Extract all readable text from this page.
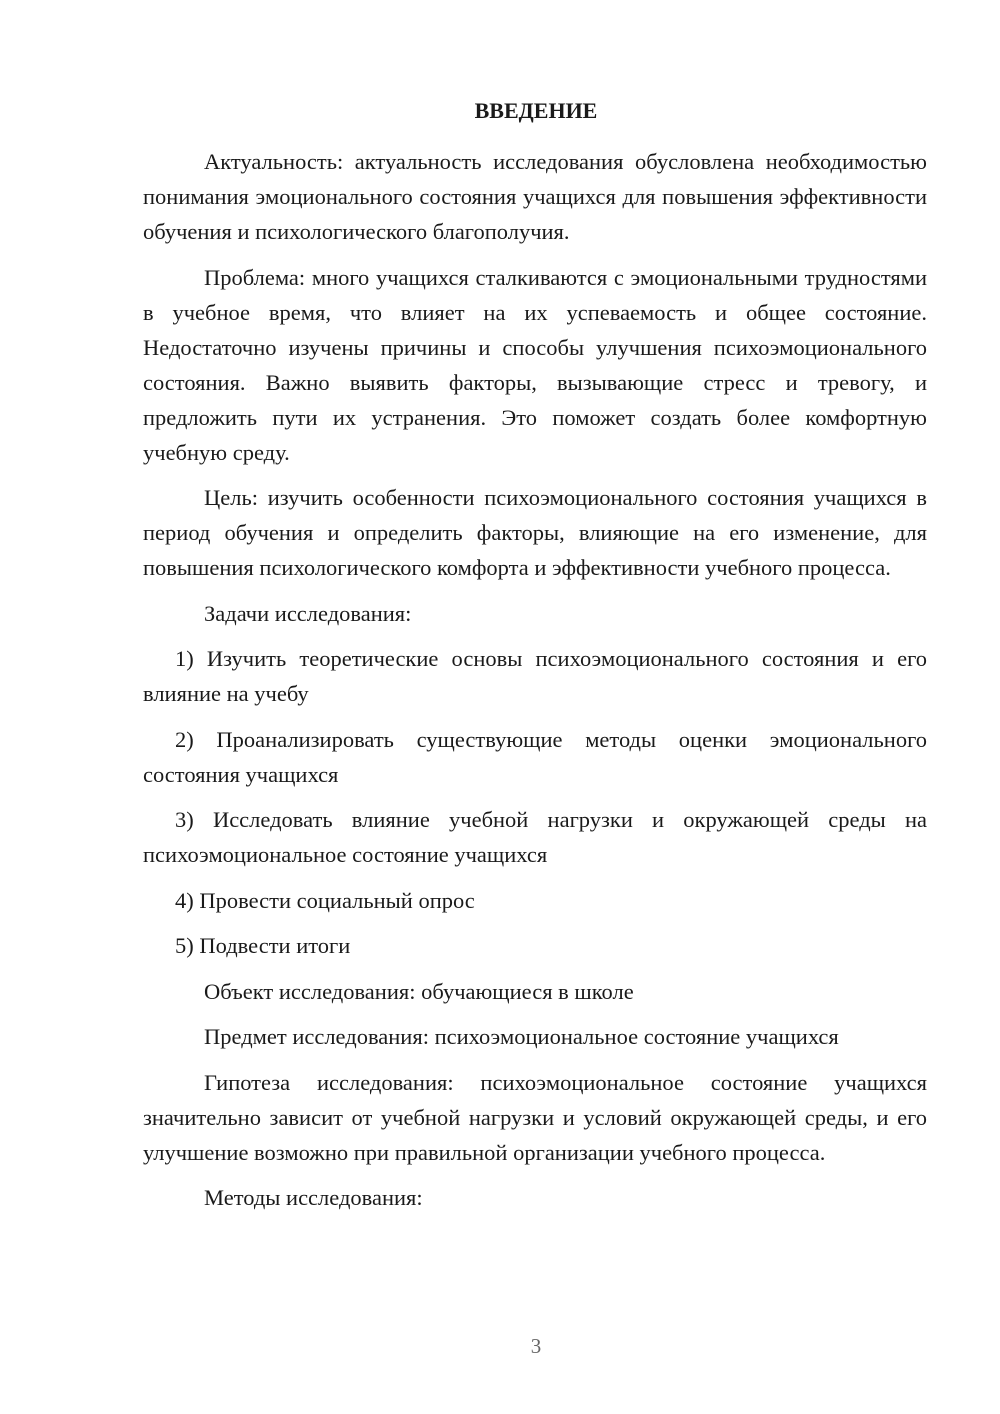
ВВЕДЕНИЕ

Актуальность: актуальность исследования обусловлена необходимостью понимания эмоционального состояния учащихся для повышения эффективности обучения и психологического благополучия.

Проблема: много учащихся сталкиваются с эмоциональными трудностями в учебное время, что влияет на их успеваемость и общее состояние. Недостаточно изучены причины и способы улучшения психоэмоционального состояния. Важно выявить факторы, вызывающие стресс и тревогу, и предложить пути их устранения. Это поможет создать более комфортную учебную среду.

Цель: изучить особенности психоэмоционального состояния учащихся в период обучения и определить факторы, влияющие на его изменение, для повышения психологического комфорта и эффективности учебного процесса.

Задачи исследования:

1) Изучить теоретические основы психоэмоционального состояния и его влияние на учебу

2) Проанализировать существующие методы оценки эмоционального состояния учащихся

3) Исследовать влияние учебной нагрузки и окружающей среды на психоэмоциональное состояние учащихся

4) Провести социальный опрос

5) Подвести итоги

Объект исследования: обучающиеся в школе

Предмет исследования: психоэмоциональное состояние учащихся

Гипотеза исследования: психоэмоциональное состояние учащихся значительно зависит от учебной нагрузки и условий окружающей среды, и его улучшение возможно при правильной организации учебного процесса.

Методы исследования:

3
